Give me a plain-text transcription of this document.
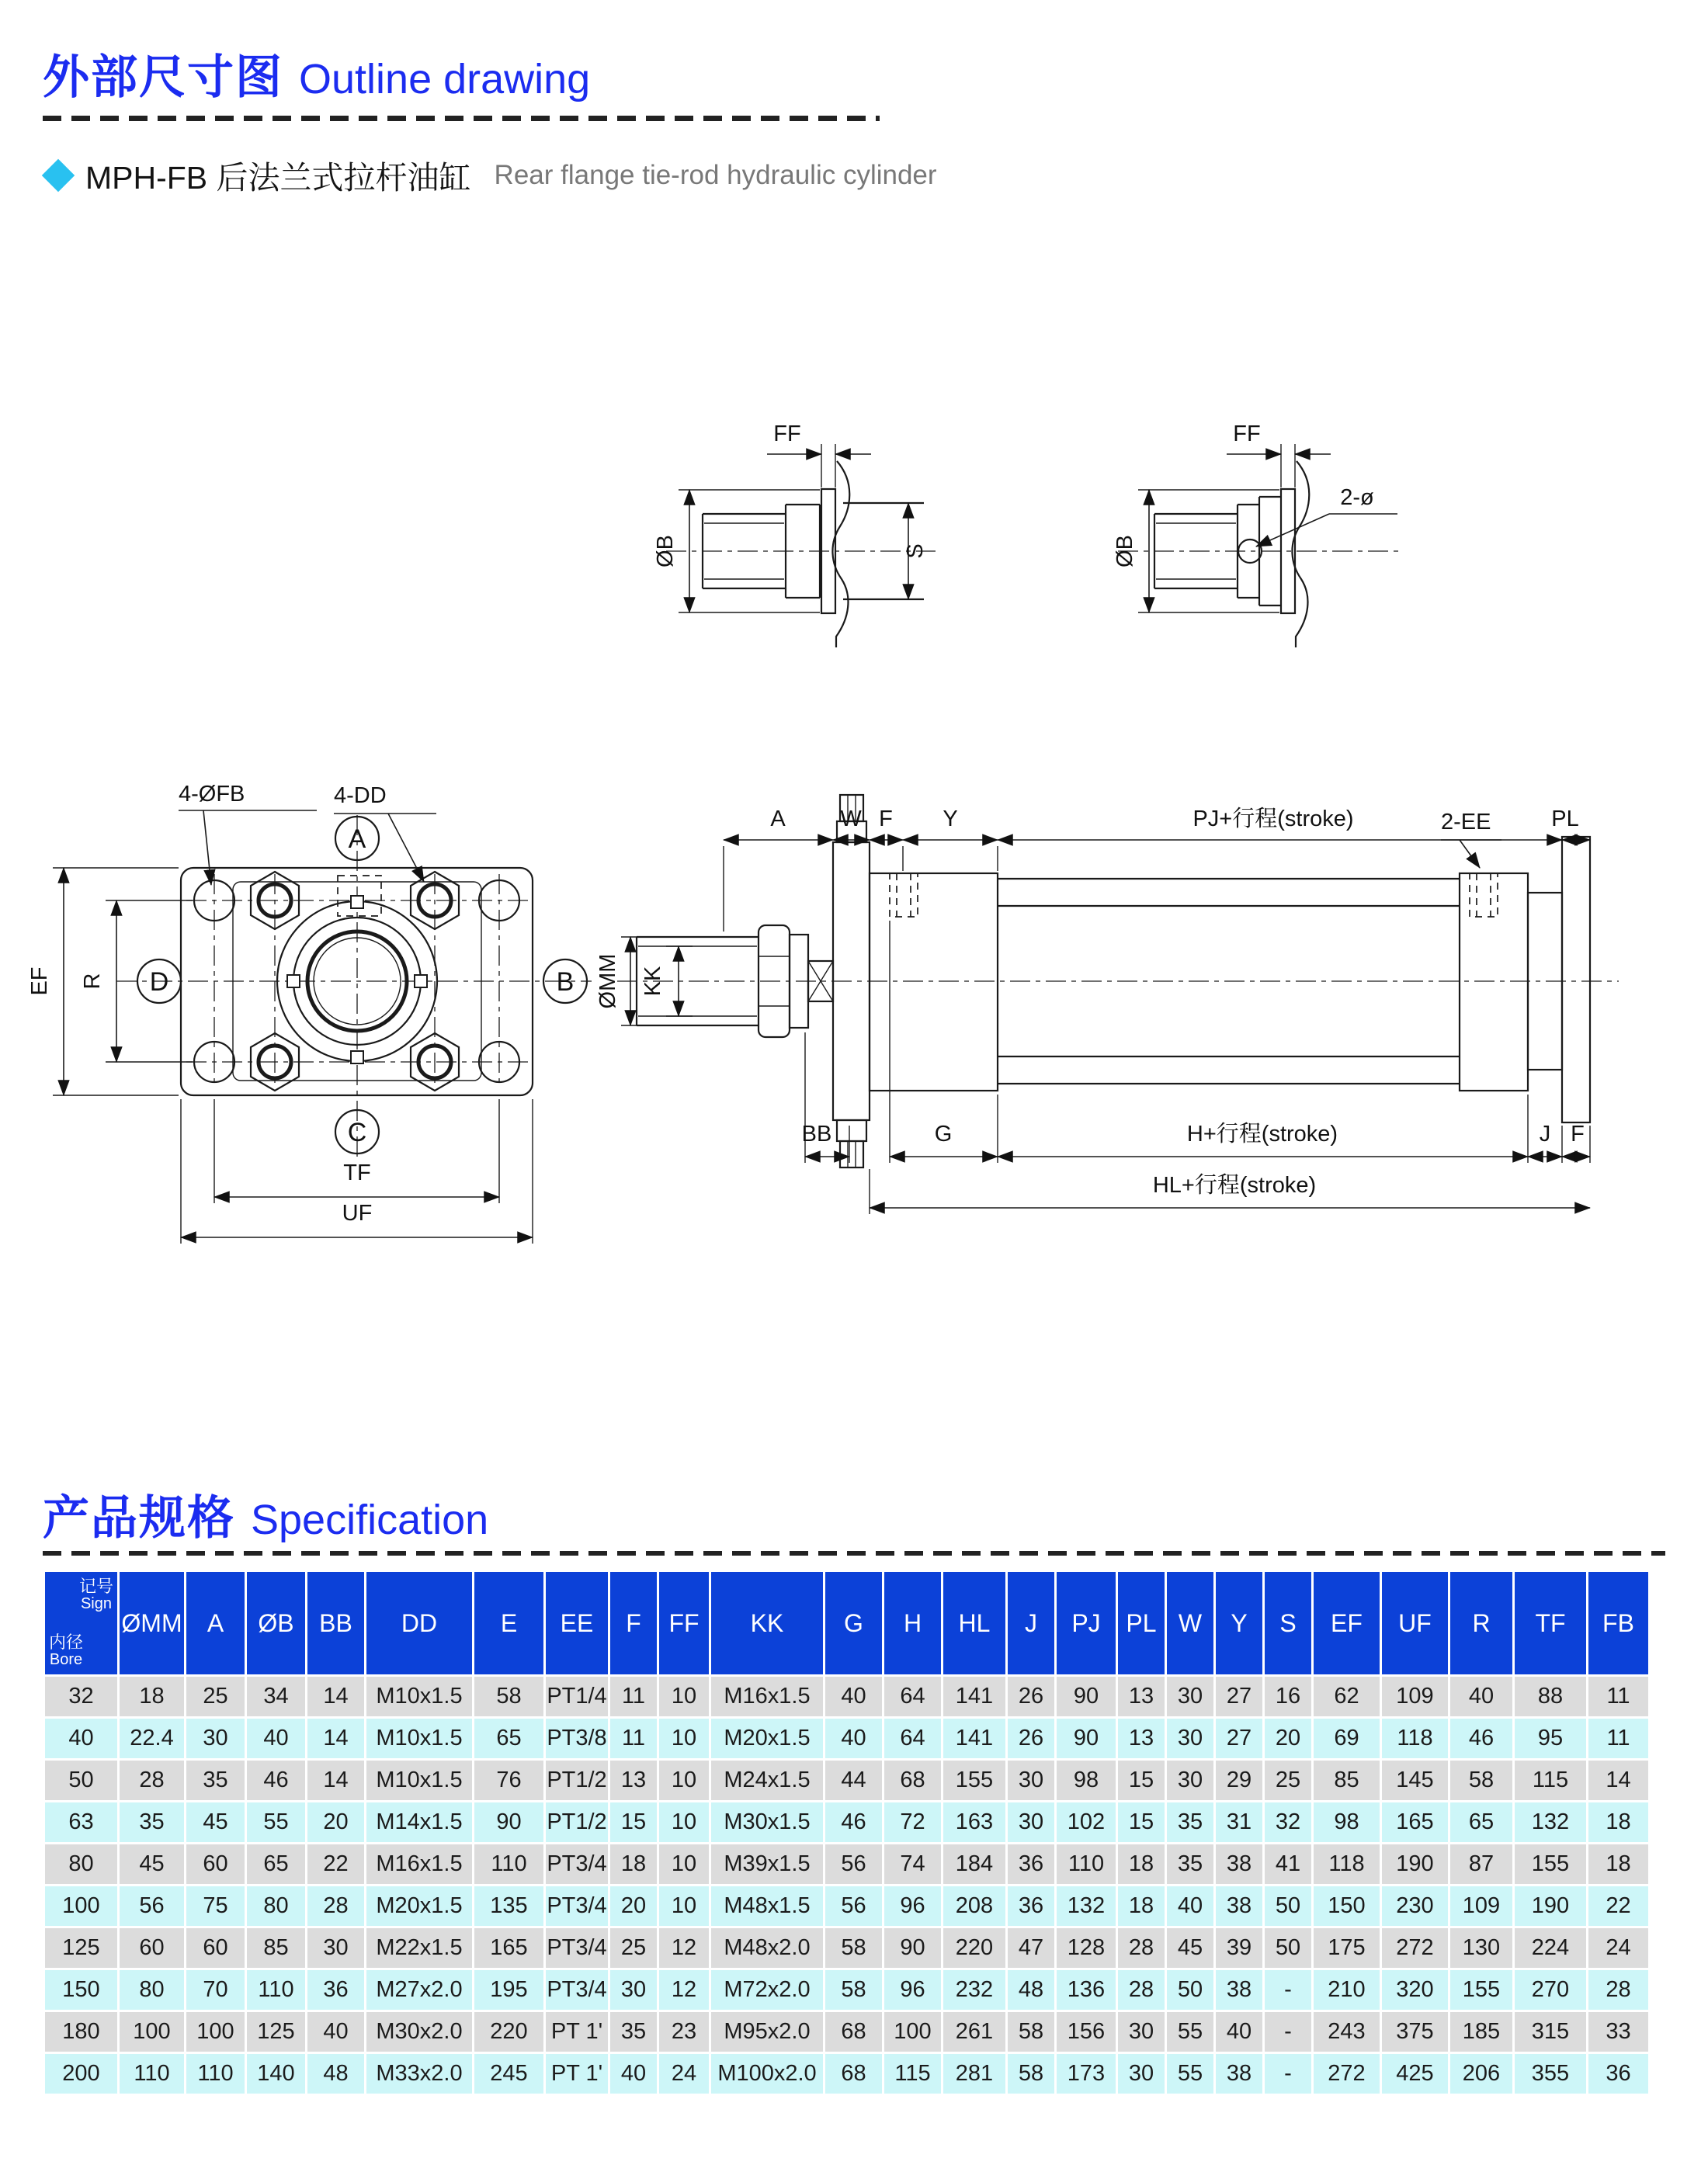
外部尺寸图 Outline drawing
MPH-FB 后法兰式拉杆油缸 Rear flange tie-rod hydraulic cylinder
S
FF
ØB
2-ø
FF
ØB
A
B
C
D
EF R
TF
UF
4-ØFB	4-DD
ØMM KK
2-EE
A W F Y	PJ+行程(stroke)	PL
BB	G	H+行程(stroke)	J F
HL+行程(stroke)
产品规格 Specification
记号
Sign
内径
Bore	ØMM	A	ØB	BB	DD	E	EE	F	FF	KK	G	H	HL	J	PJ	PL	W	Y	S	EF	UF	R	TF	FB
32	18	25	34	14	M10x1.5	58	PT1/4	11	10	M16x1.5	40	64	141	26	90	13	30	27	16	62	109	40	88	11
40	22.4	30	40	14	M10x1.5	65	PT3/8	11	10	M20x1.5	40	64	141	26	90	13	30	27	20	69	118	46	95	11
50	28	35	46	14	M10x1.5	76	PT1/2	13	10	M24x1.5	44	68	155	30	98	15	30	29	25	85	145	58	115	14
63	35	45	55	20	M14x1.5	90	PT1/2	15	10	M30x1.5	46	72	163	30	102	15	35	31	32	98	165	65	132	18
80	45	60	65	22	M16x1.5	110	PT3/4	18	10	M39x1.5	56	74	184	36	110	18	35	38	41	118	190	87	155	18
100	56	75	80	28	M20x1.5	135	PT3/4	20	10	M48x1.5	56	96	208	36	132	18	40	38	50	150	230	109	190	22
125	60	60	85	30	M22x1.5	165	PT3/4	25	12	M48x2.0	58	90	220	47	128	28	45	39	50	175	272	130	224	24
150	80	70	110	36	M27x2.0	195	PT3/4	30	12	M72x2.0	58	96	232	48	136	28	50	38	-	210	320	155	270	28
180	100	100	125	40	M30x2.0	220	PT 1'	35	23	M95x2.0	68	100	261	58	156	30	55	40	-	243	375	185	315	33
200	110	110	140	48	M33x2.0	245	PT 1'	40	24	M100x2.0	68	115	281	58	173	30	55	38	-	272	425	206	355	36
